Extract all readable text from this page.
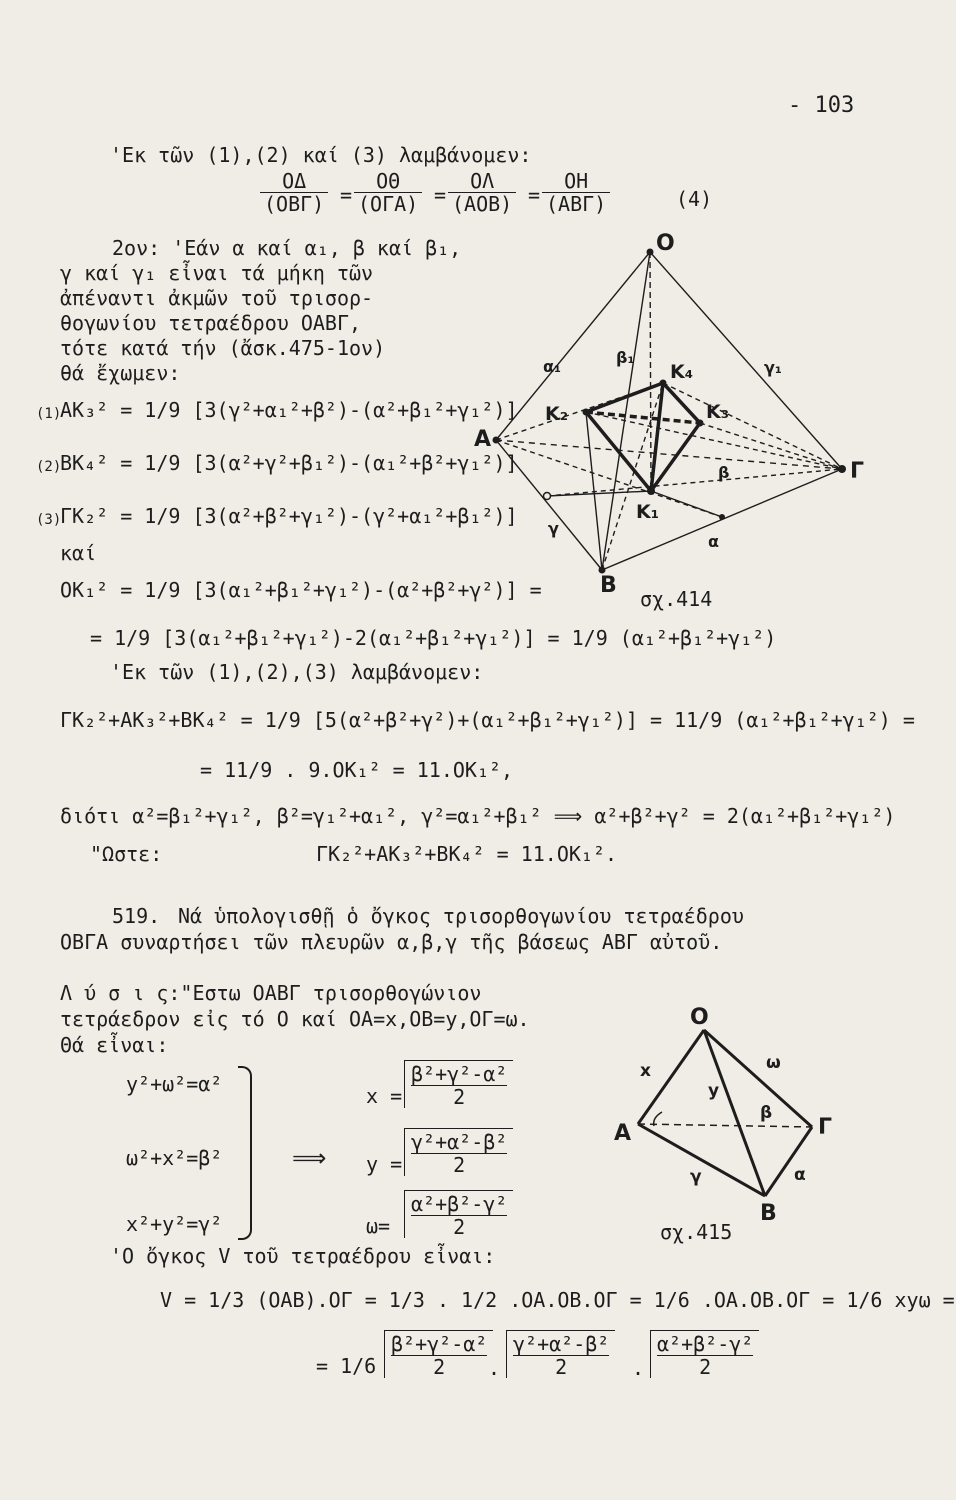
- 103
'Εκ τῶν (1),(2) καί (3) λαμβάνομεν:
ΟΔ
(ΟΒΓ) =
ΟΘ
(ΟΓΑ) =
ΟΛ
(ΑΟΒ) =
ΟΗ
(ΑΒΓ)	(4)
2ον: 'Εάν α καί α₁, β καί β₁,
γ καί γ₁ εἶναι τά μήκη τῶν
ἀπέναντι ἀκμῶν τοῦ τρισορ-
θογωνίου τετραέδρου ΟΑΒΓ,
τότε κατά τήν (ἄσκ.475-1ον)
θά ἔχωμεν:
(1)
ΑΚ₃² = 1/9 [3(γ²+α₁²+β²)-(α²+β₁²+γ₁²)]
(2)
ΒΚ₄² = 1/9 [3(α²+γ²+β₁²)-(α₁²+β²+γ₁²)]
(3)
ΓΚ₂² = 1/9 [3(α²+β²+γ₁²)-(γ²+α₁²+β₁²)]
καί
ΟΚ₁² = 1/9 [3(α₁²+β₁²+γ₁²)-(α²+β²+γ²)] =
= 1/9 [3(α₁²+β₁²+γ₁²)-2(α₁²+β₁²+γ₁²)] = 1/9 (α₁²+β₁²+γ₁²)
'Εκ τῶν (1),(2),(3) λαμβάνομεν:
ΓΚ₂²+ΑΚ₃²+ΒΚ₄² = 1/9 [5(α²+β²+γ²)+(α₁²+β₁²+γ₁²)] = 11/9 (α₁²+β₁²+γ₁²) =
= 11/9 . 9.ΟΚ₁² = 11.ΟΚ₁²,
διότι α²=β₁²+γ₁², β²=γ₁²+α₁², γ²=α₁²+β₁² ⟹ α²+β²+γ² = 2(α₁²+β₁²+γ₁²)
"Ωστε:	ΓΚ₂²+ΑΚ₃²+ΒΚ₄² = 11.ΟΚ₁².
O
A
B
Γ
K₁
K₂	K₃
K₄
α₁	β₁
γ₁
α
β
γ
σχ.414
519. Νά ὑπολογισθῇ ὁ ὄγκος τρισορθογωνίου τετραέδρου
ΟΒΓΑ συναρτήσει τῶν πλευρῶν α,β,γ τῆς βάσεως ΑΒΓ αὐτοῦ.
Λ ύ σ ι ς:"Εστω ΟΑΒΓ τρισορθογώνιον
τετράεδρον εἰς τό Ο καί ΟΑ=x,ΟΒ=y,ΟΓ=ω.
Θά εἶναι:
y²+ω²=α²
ω²+x²=β²
x²+y²=γ²
⟹
$x = \frac{\text{β²+γ²-α²}}{2}$
$y = \frac{\text{γ²+α²-β²}}{2}$
$\omega= \frac{\text{α²+β²-γ²}}{2}$
'Ο ὄγκος V τοῦ τετραέδρου εἶναι:
V = 1/3 (ΟΑΒ).ΟΓ = 1/3 . 1/2 .ΟΑ.ΟΒ.ΟΓ = 1/6 .ΟΑ.ΟΒ.ΟΓ = 1/6 xyω =
= $1/6 \frac{\text{β²+γ²-α²}}{2}$
. $\frac{\text{γ²+α²-β²}}{2}$ . $\frac{\text{α²+β²-γ²}}{2}$
O
A
B
Γ
x
y
ω
β
γ	α
σχ.415
